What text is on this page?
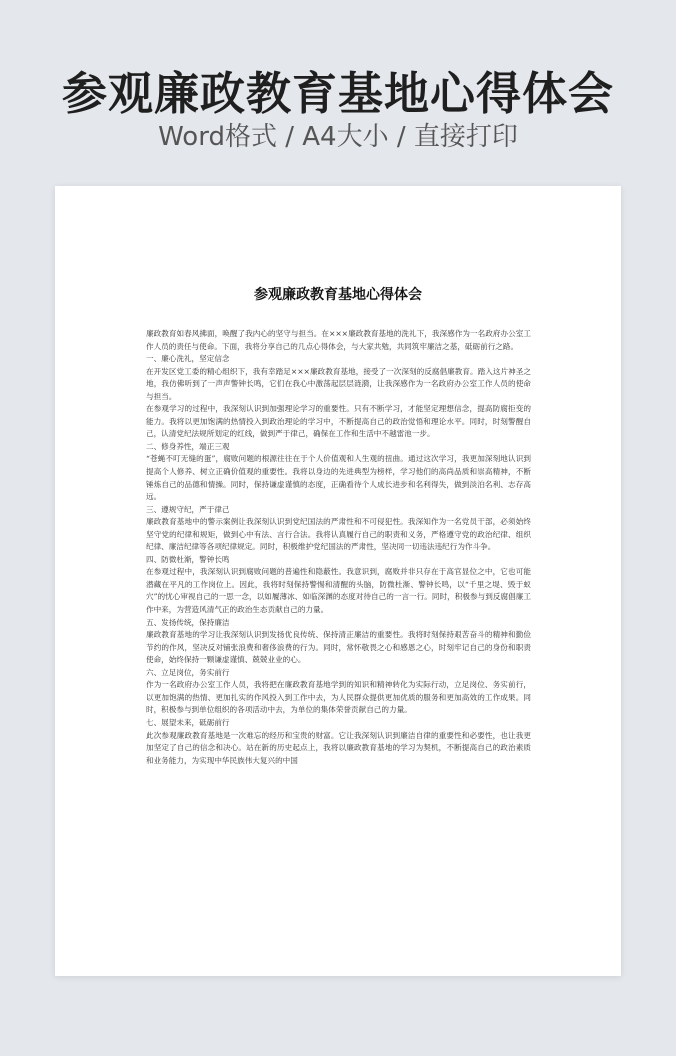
参观廉政教育基地心得体会
Word格式 / A4大小 / 直接打印
参观廉政教育基地心得体会

廉政教育如春风拂面，唤醒了我内心的坚守与担当。在×××廉政教育基地的洗礼下，我深感作为一名政府办公室工作人员的责任与使命。下面，我将分享自己的几点心得体会，与大家共勉，共同筑牢廉洁之基，砥砺前行之路。

一、廉心洗礼，坚定信念

在开发区党工委的精心组织下，我有幸踏足×××廉政教育基地，接受了一次深刻的反腐倡廉教育。踏入这片神圣之地，我仿佛听到了一声声警钟长鸣，它们在我心中激荡起层层涟漪，让我深感作为一名政府办公室工作人员的使命与担当。

在参观学习的过程中，我深刻认识到加强理论学习的重要性。只有不断学习，才能坚定理想信念，提高防腐拒变的能力。我将以更加饱满的热情投入到政治理论的学习中，不断提高自己的政治觉悟和理论水平。同时，时刻警醒自己，认清党纪法规所划定的红线，做到严于律己，确保在工作和生活中不越雷池一步。

二、修身养性，端正三观

“苍蝇不叮无缝的蛋”，腐败问题的根源往往在于个人价值观和人生观的扭曲。通过这次学习，我更加深刻地认识到提高个人修养、树立正确价值观的重要性。我将以身边的先进典型为榜样，学习他们的高尚品质和崇高精神，不断锤炼自己的品德和情操。同时，保持谦虚谨慎的态度，正确看待个人成长进步和名利得失，做到淡泊名利、志存高远。

三、遵规守纪，严于律己

廉政教育基地中的警示案例让我深刻认识到党纪国法的严肃性和不可侵犯性。我深知作为一名党员干部，必须始终坚守党的纪律和规矩，做到心中有法、言行合法。我将认真履行自己的职责和义务，严格遵守党的政治纪律、组织纪律、廉洁纪律等各项纪律规定。同时，积极维护党纪国法的严肃性，坚决同一切违法违纪行为作斗争。

四、防微杜渐，警钟长鸣

在参观过程中，我深刻认识到腐败问题的普遍性和隐蔽性。我意识到，腐败并非只存在于高官显位之中，它也可能潜藏在平凡的工作岗位上。因此，我将时刻保持警惕和清醒的头脑，防微杜渐、警钟长鸣，以“千里之堤、毁于蚁穴”的忧心审视自己的一思一念，以如履薄冰、如临深渊的态度对待自己的一言一行。同时，积极参与到反腐倡廉工作中来，为营造风清气正的政治生态贡献自己的力量。

五、发扬传统，保持廉洁

廉政教育基地的学习让我深刻认识到发扬优良传统、保持清正廉洁的重要性。我将时刻保持艰苦奋斗的精神和勤俭节约的作风，坚决反对铺张浪费和奢侈浪费的行为。同时，常怀敬畏之心和感恩之心，时刻牢记自己的身份和职责使命，始终保持一颗谦虚谨慎、兢兢业业的心。

六、立足岗位，务实前行

作为一名政府办公室工作人员，我将把在廉政教育基地学到的知识和精神转化为实际行动，立足岗位、务实前行，以更加饱满的热情、更加扎实的作风投入到工作中去，为人民群众提供更加优质的服务和更加高效的工作成果。同时，积极参与到单位组织的各项活动中去，为单位的集体荣誉贡献自己的力量。

七、展望未来，砥砺前行

此次参观廉政教育基地是一次难忘的经历和宝贵的财富。它让我深刻认识到廉洁自律的重要性和必要性，也让我更加坚定了自己的信念和决心。站在新的历史起点上，我将以廉政教育基地的学习为契机，不断提高自己的政治素质和业务能力，为实现中华民族伟大复兴的中国
